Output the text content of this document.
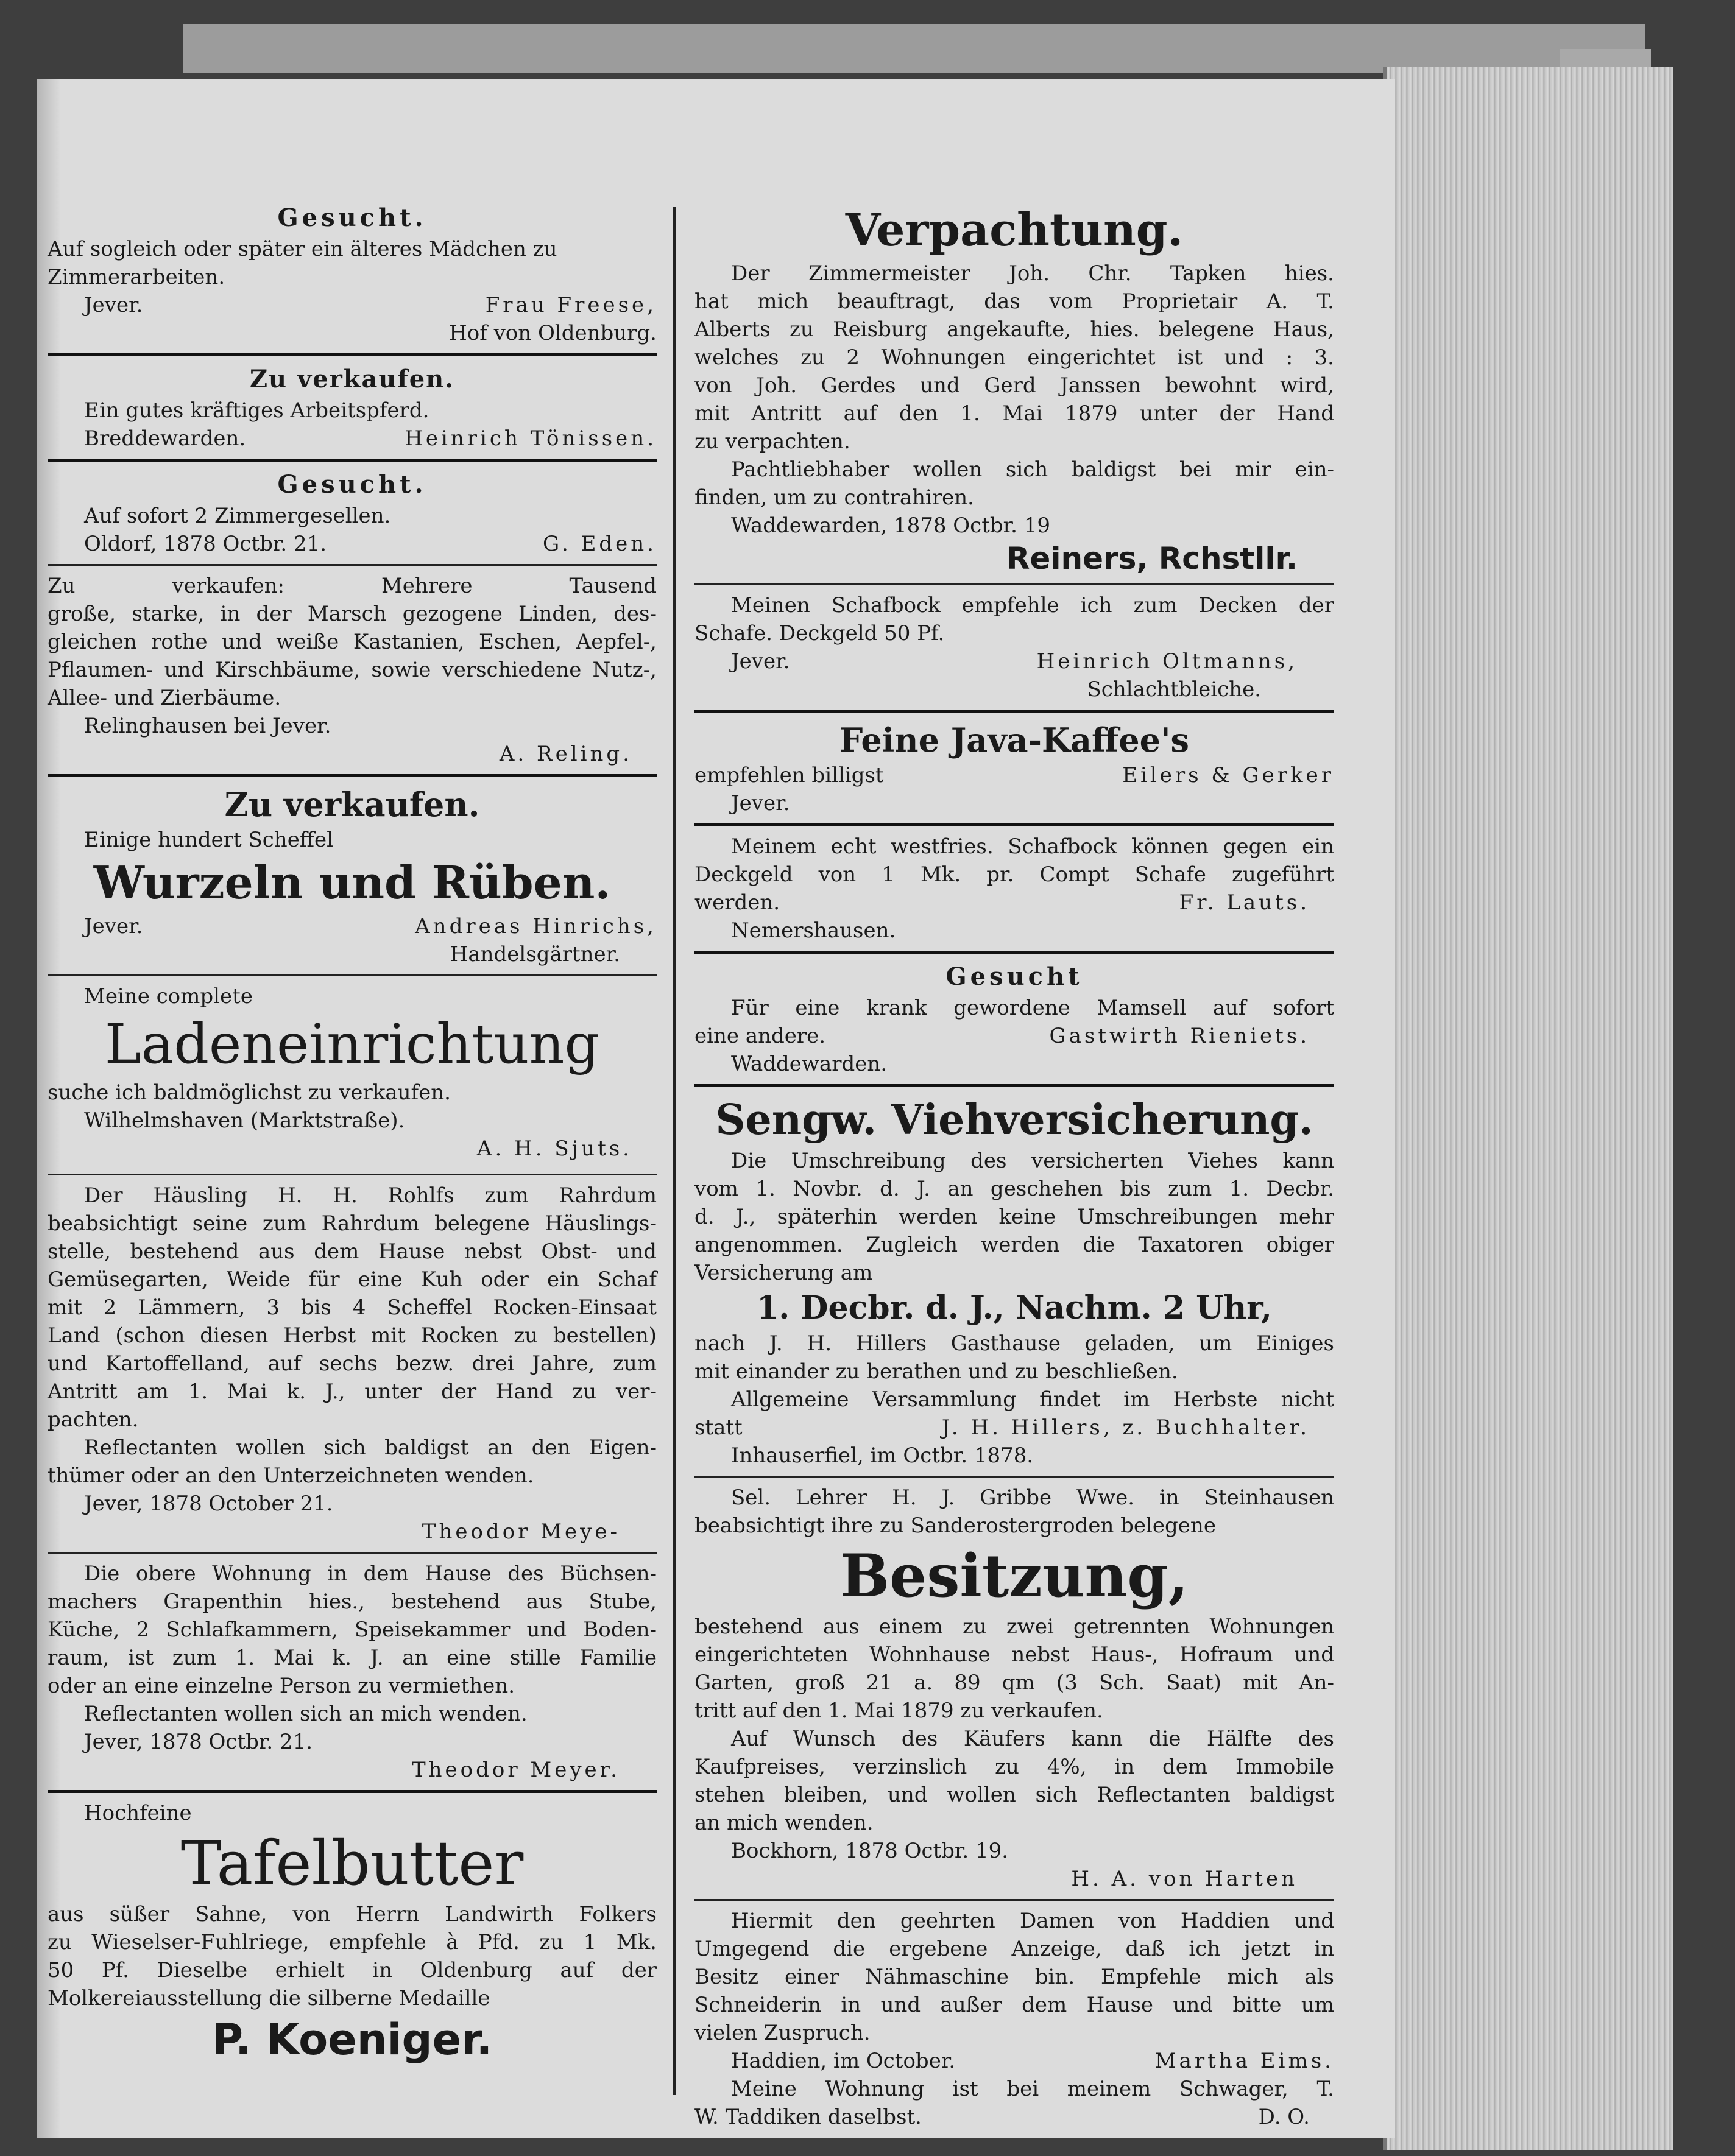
Gesucht.
Auf sogleich oder später ein älteres Mädchen zu
Zimmerarbeiten.
Jever.	Frau Freese,
Hof von Oldenburg.
Zu verkaufen.
Ein gutes kräftiges Arbeitspferd.
Breddewarden.	Heinrich Tönissen.
Gesucht.
Auf sofort 2 Zimmergesellen.
Oldorf, 1878 Octbr. 21.	G. Eden.
Zu verkaufen: Mehrere Tausend
große, starke, in der Marsch gezogene Linden, des-
gleichen rothe und weiße Kastanien, Eschen, Aepfel-,
Pflaumen- und Kirschbäume, sowie verschiedene Nutz-,
Allee- und Zierbäume.
Relinghausen bei Jever.
A. Reling.
Zu verkaufen.
Einige hundert Scheffel
Wurzeln und Rüben.
Jever.	Andreas Hinrichs,
Handelsgärtner.
Meine complete
Ladeneinrichtung
suche ich baldmöglichst zu verkaufen.
Wilhelmshaven (Marktstraße).
A. H. Sjuts.
Der Häusling H. H. Rohlfs zum Rahrdum
beabsichtigt seine zum Rahrdum belegene Häuslings-
stelle, bestehend aus dem Hause nebst Obst- und
Gemüsegarten, Weide für eine Kuh oder ein Schaf
mit 2 Lämmern, 3 bis 4 Scheffel Rocken-Einsaat
Land (schon diesen Herbst mit Rocken zu bestellen)
und Kartoffelland, auf sechs bezw. drei Jahre, zum
Antritt am 1. Mai k. J., unter der Hand zu ver-
pachten.
Reflectanten wollen sich baldigst an den Eigen-
thümer oder an den Unterzeichneten wenden.
Jever, 1878 October 21.
Theodor Meye-
Die obere Wohnung in dem Hause des Büchsen-
machers Grapenthin hies., bestehend aus Stube,
Küche, 2 Schlafkammern, Speisekammer und Boden-
raum, ist zum 1. Mai k. J. an eine stille Familie
oder an eine einzelne Person zu vermiethen.
Reflectanten wollen sich an mich wenden.
Jever, 1878 Octbr. 21.
Theodor Meyer.
Hochfeine
Tafelbutter
aus süßer Sahne, von Herrn Landwirth Folkers
zu Wieselser-Fuhlriege, empfehle à Pfd. zu 1 Mk.
50 Pf. Dieselbe erhielt in Oldenburg auf der
Molkereiausstellung die silberne Medaille
P. Koeniger.
Verpachtung.
Der Zimmermeister Joh. Chr. Tapken hies.
hat mich beauftragt, das vom Proprietair A. T.
Alberts zu Reisburg angekaufte, hies. belegene Haus,
welches zu 2 Wohnungen eingerichtet ist und : 3.
von Joh. Gerdes und Gerd Janssen bewohnt wird,
mit Antritt auf den 1. Mai 1879 unter der Hand
zu verpachten.
Pachtliebhaber wollen sich baldigst bei mir ein-
finden, um zu contrahiren.
Waddewarden, 1878 Octbr. 19
Reiners, Rchstllr.
Meinen Schafbock empfehle ich zum Decken der
Schafe. Deckgeld 50 Pf.
Jever.	Heinrich Oltmanns,
Schlachtbleiche.
Feine Java-Kaffee's
empfehlen billigst	Eilers & Gerker
Jever.
Meinem echt westfries. Schafbock können gegen ein
Deckgeld von 1 Mk. pr. Compt Schafe zugeführt
werden.	Fr. Lauts.
Nemershausen.
Gesucht
Für eine krank gewordene Mamsell auf sofort
eine andere.	Gastwirth Rieniets.
Waddewarden.
Sengw. Viehversicherung.
Die Umschreibung des versicherten Viehes kann
vom 1. Novbr. d. J. an geschehen bis zum 1. Decbr.
d. J., späterhin werden keine Umschreibungen mehr
angenommen. Zugleich werden die Taxatoren obiger
Versicherung am
1. Decbr. d. J., Nachm. 2 Uhr,
nach J. H. Hillers Gasthause geladen, um Einiges
mit einander zu berathen und zu beschließen.
Allgemeine Versammlung findet im Herbste nicht
statt	J. H. Hillers, z. Buchhalter.
Inhauserfiel, im Octbr. 1878.
Sel. Lehrer H. J. Gribbe Wwe. in Steinhausen
beabsichtigt ihre zu Sanderostergroden belegene
Besitzung,
bestehend aus einem zu zwei getrennten Wohnungen
eingerichteten Wohnhause nebst Haus-, Hofraum und
Garten, groß 21 a. 89 qm (3 Sch. Saat) mit An-
tritt auf den 1. Mai 1879 zu verkaufen.
Auf Wunsch des Käufers kann die Hälfte des
Kaufpreises, verzinslich zu 4%, in dem Immobile
stehen bleiben, und wollen sich Reflectanten baldigst
an mich wenden.
Bockhorn, 1878 Octbr. 19.
H. A. von Harten
Hiermit den geehrten Damen von Haddien und
Umgegend die ergebene Anzeige, daß ich jetzt in
Besitz einer Nähmaschine bin. Empfehle mich als
Schneiderin in und außer dem Hause und bitte um
vielen Zuspruch.
Haddien, im October.	Martha Eims.
Meine Wohnung ist bei meinem Schwager, T.
W. Taddiken daselbst.	D. O.
